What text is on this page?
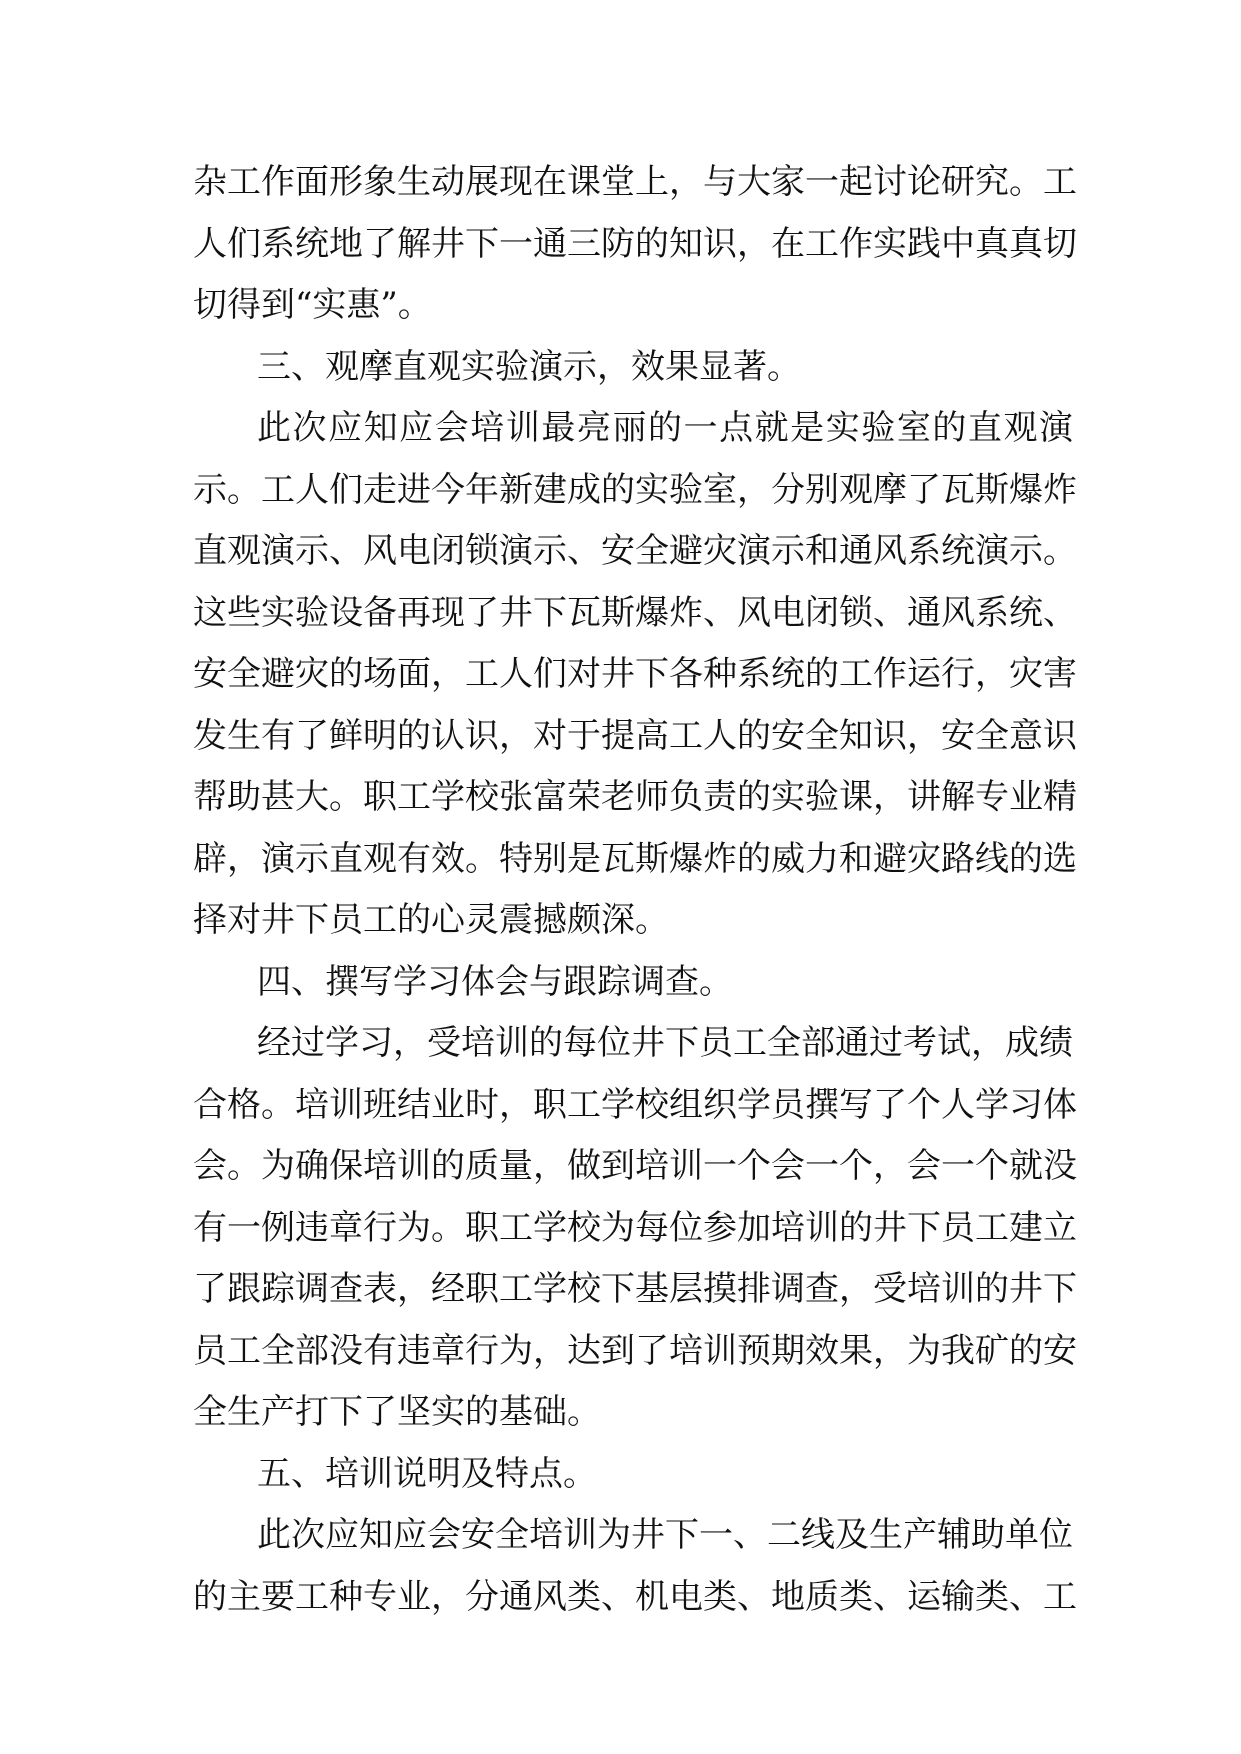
杂工作面形象生动展现在课堂上，与大家一起讨论研究。工
人们系统地了解井下一通三防的知识，在工作实践中真真切
切得到“实惠”。
三、观摩直观实验演示，效果显著。
此次应知应会培训最亮丽的一点就是实验室的直观演
示。工人们走进今年新建成的实验室，分别观摩了瓦斯爆炸
直观演示、风电闭锁演示、安全避灾演示和通风系统演示。
这些实验设备再现了井下瓦斯爆炸、风电闭锁、通风系统、
安全避灾的场面，工人们对井下各种系统的工作运行，灾害
发生有了鲜明的认识，对于提高工人的安全知识，安全意识
帮助甚大。职工学校张富荣老师负责的实验课，讲解专业精
辟，演示直观有效。特别是瓦斯爆炸的威力和避灾路线的选
择对井下员工的心灵震撼颇深。
四、撰写学习体会与跟踪调查。
经过学习，受培训的每位井下员工全部通过考试，成绩
合格。培训班结业时，职工学校组织学员撰写了个人学习体
会。为确保培训的质量，做到培训一个会一个，会一个就没
有一例违章行为。职工学校为每位参加培训的井下员工建立
了跟踪调查表，经职工学校下基层摸排调查，受培训的井下
员工全部没有违章行为，达到了培训预期效果，为我矿的安
全生产打下了坚实的基础。
五、培训说明及特点。
此次应知应会安全培训为井下一、二线及生产辅助单位
的主要工种专业，分通风类、机电类、地质类、运输类、工
